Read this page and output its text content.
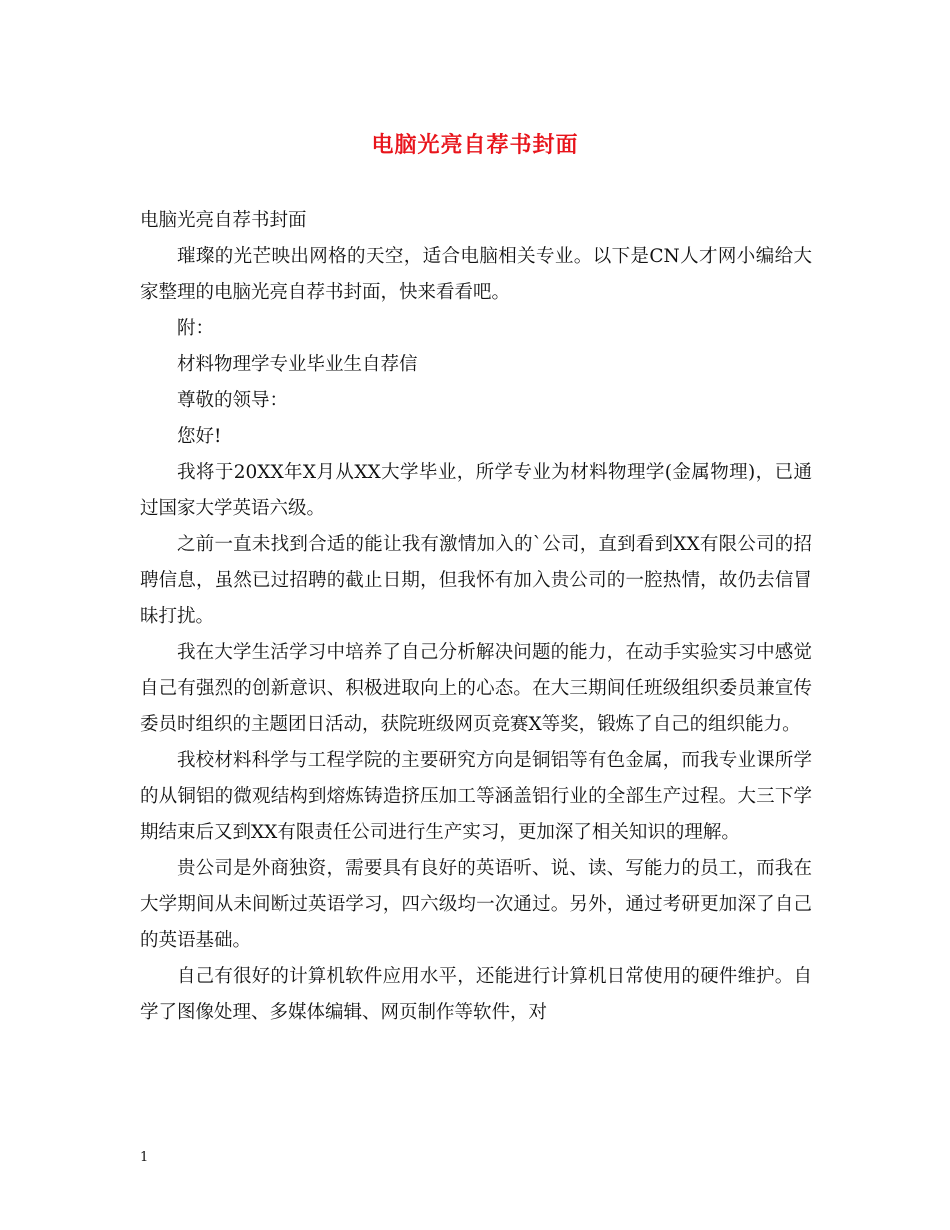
电脑光亮自荐书封面

电脑光亮自荐书封面

璀璨的光芒映出网格的天空，适合电脑相关专业。以下是CN人才网小编给大家整理的电脑光亮自荐书封面，快来看看吧。

附：

材料物理学专业毕业生自荐信

尊敬的领导：

您好!

我将于20XX年X月从XX大学毕业，所学专业为材料物理学(金属物理)，已通过国家大学英语六级。

之前一直未找到合适的能让我有激情加入的`公司，直到看到XX有限公司的招聘信息，虽然已过招聘的截止日期，但我怀有加入贵公司的一腔热情，故仍去信冒昧打扰。

我在大学生活学习中培养了自己分析解决问题的能力，在动手实验实习中感觉自己有强烈的创新意识、积极进取向上的心态。在大三期间任班级组织委员兼宣传委员时组织的主题团日活动，获院班级网页竞赛X等奖，锻炼了自己的组织能力。

我校材料科学与工程学院的主要研究方向是铜铝等有色金属，而我专业课所学的从铜铝的微观结构到熔炼铸造挤压加工等涵盖铝行业的全部生产过程。大三下学期结束后又到XX有限责任公司进行生产实习，更加深了相关知识的理解。

贵公司是外商独资，需要具有良好的英语听、说、读、写能力的员工，而我在大学期间从未间断过英语学习，四六级均一次通过。另外，通过考研更加深了自己的英语基础。

自己有很好的计算机软件应用水平，还能进行计算机日常使用的硬件维护。自学了图像处理、多媒体编辑、网页制作等软件，对

1
